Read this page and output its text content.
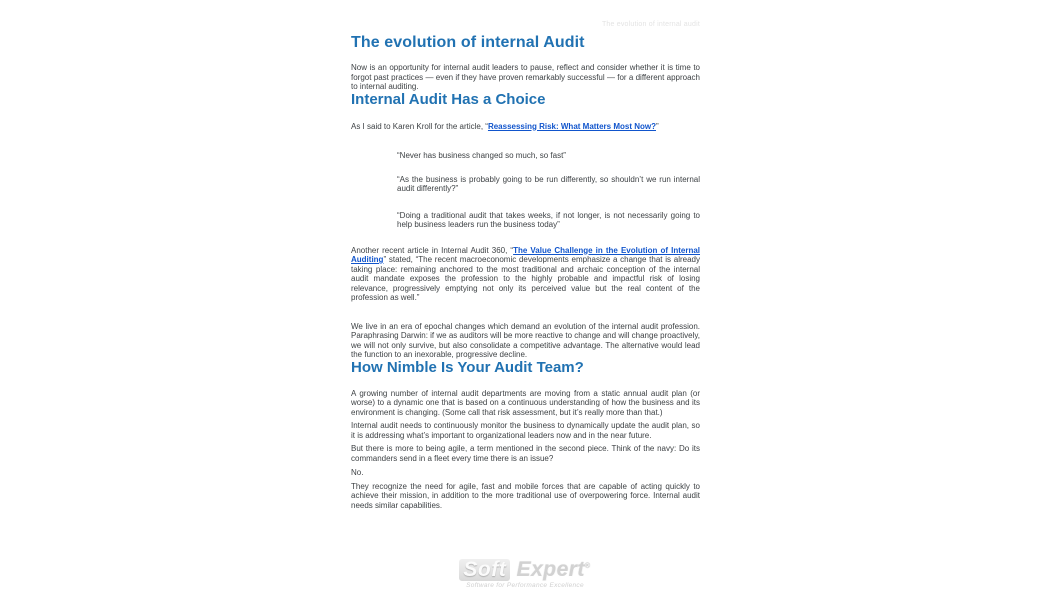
The evolution of internal audit
The evolution of internal Audit

Now is an opportunity for internal audit leaders to pause, reflect and consider whether it is time to forgot past practices — even if they have proven remarkably successful — for a different approach to internal auditing.

Internal Audit Has a Choice

As I said to Karen Kroll for the article, “Reassessing Risk: What Matters Most Now?”

“Never has business changed so much, so fast”

“As the business is probably going to be run differently, so shouldn’t we run internal audit differently?”

“Doing a traditional audit that takes weeks, if not longer, is not necessarily going to help business leaders run the business today”

Another recent article in Internal Audit 360, “The Value Challenge in the Evolution of Internal Auditing” stated, “The recent macroeconomic developments emphasize a change that is already taking place: remaining anchored to the most traditional and archaic conception of the internal audit mandate exposes the profession to the highly probable and impactful risk of losing relevance, progressively emptying not only its perceived value but the real content of the profession as well.”

We live in an era of epochal changes which demand an evolution of the internal audit profession. Paraphrasing Darwin: if we as auditors will be more reactive to change and will change proactively, we will not only survive, but also consolidate a competitive advantage. The alternative would lead the function to an inexorable, progressive decline.

How Nimble Is Your Audit Team?

A growing number of internal audit departments are moving from a static annual audit plan (or worse) to a dynamic one that is based on a continuous understanding of how the business and its environment is changing. (Some call that risk assessment, but it’s really more than that.)

Internal audit needs to continuously monitor the business to dynamically update the audit plan, so it is addressing what’s important to organizational leaders now and in the near future.

But there is more to being agile, a term mentioned in the second piece. Think of the navy: Do its commanders send in a fleet every time there is an issue?

No.

They recognize the need for agile, fast and mobile forces that are capable of acting quickly to achieve their mission, in addition to the more traditional use of overpowering force. Internal audit needs similar capabilities.

Soft Expert®
Software for Performance Excellence
